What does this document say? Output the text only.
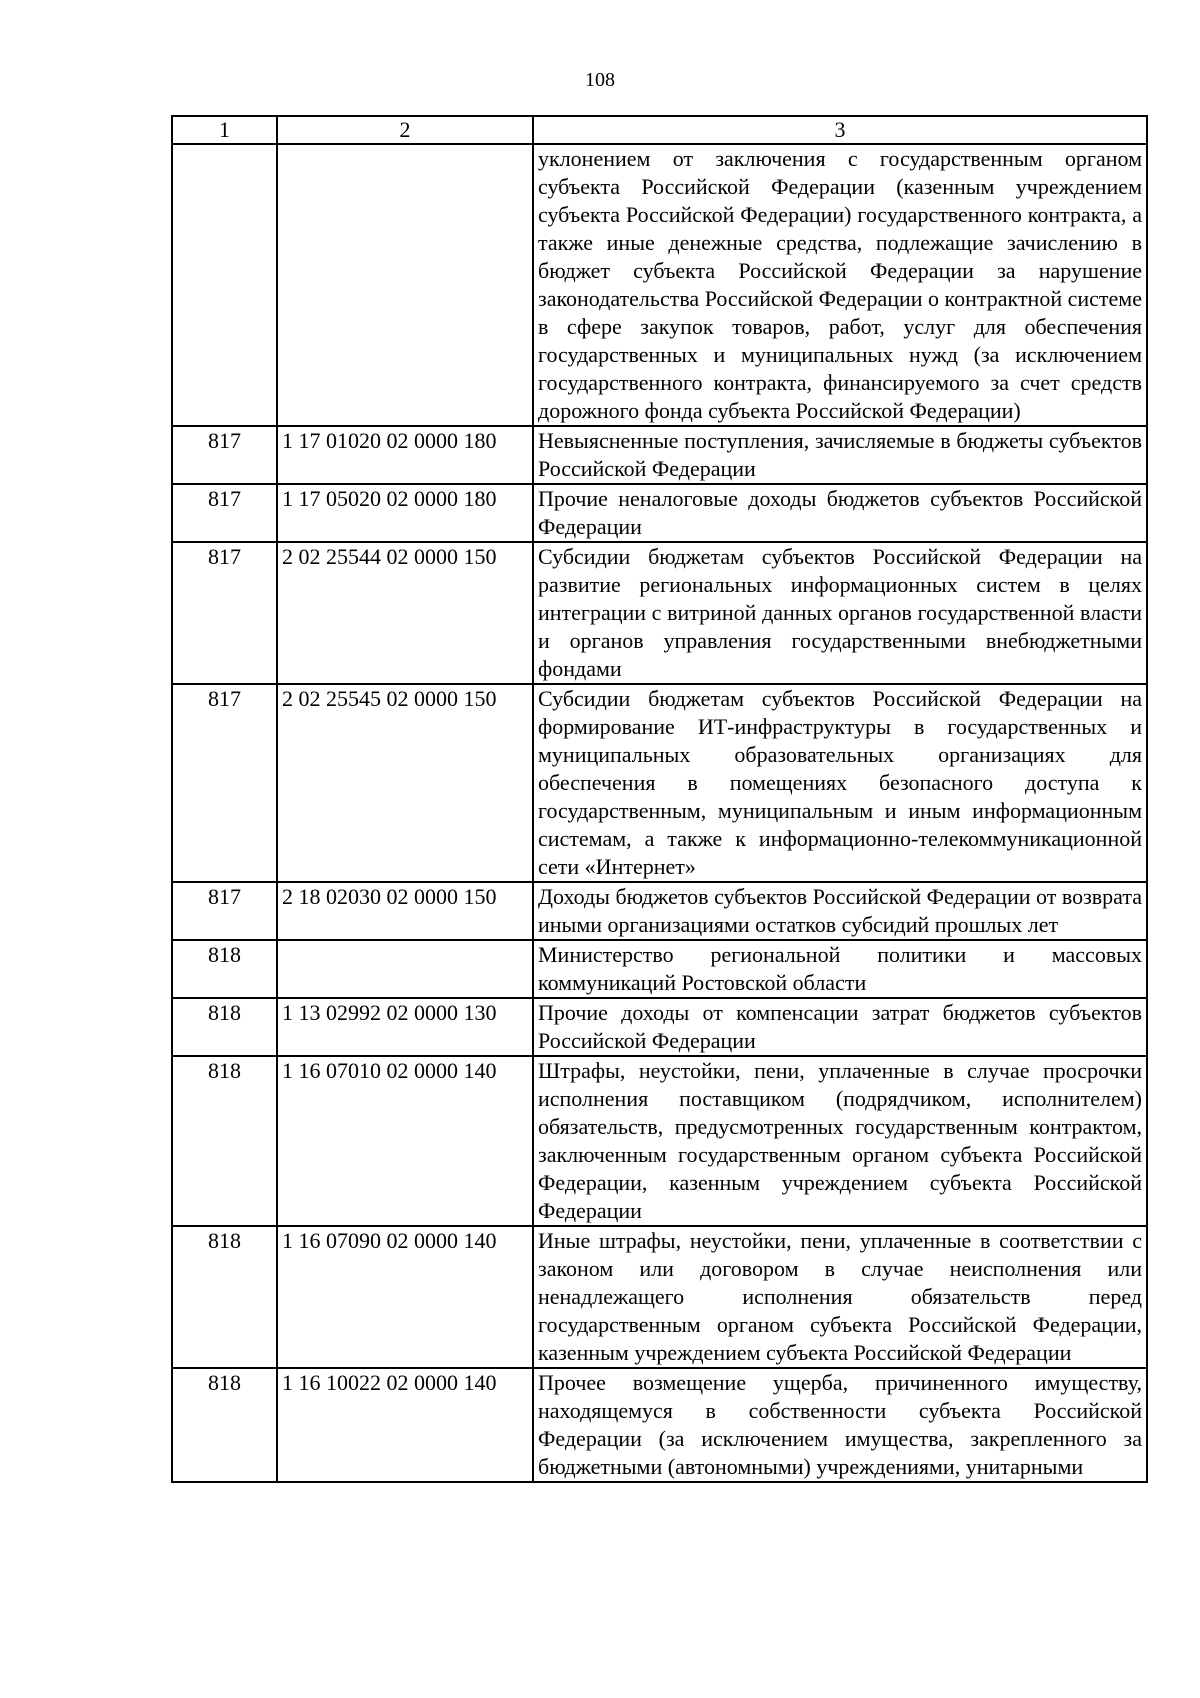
108
1	2	3
		уклонением от заключения с государственным органом субъекта Российской Федерации (казенным учреждением субъекта Российской Федерации) государственного контракта, а также иные денежные средства, подлежащие зачислению в бюджет субъекта Российской Федерации за нарушение законодательства Российской Федерации о контрактной системе в сфере закупок товаров, работ, услуг для обеспечения государственных и муниципальных нужд (за исключением государственного контракта, финансируемого за счет средств дорожного фонда субъекта Российской Федерации)
817	1 17 01020 02 0000 180	Невыясненные поступления, зачисляемые в бюджеты субъектов Российской Федерации
817	1 17 05020 02 0000 180	Прочие неналоговые доходы бюджетов субъектов Российской Федерации
817	2 02 25544 02 0000 150	Субсидии бюджетам субъектов Российской Федерации на развитие региональных информационных систем в целях интеграции с витриной данных органов государственной власти и органов управления государственными внебюджетными фондами
817	2 02 25545 02 0000 150	Субсидии бюджетам субъектов Российской Федерации на формирование ИТ-инфраструктуры в государственных и муниципальных образовательных организациях для обеспечения в помещениях безопасного доступа к государственным, муниципальным и иным информационным системам, а также к информационно-телекоммуникационной сети «Интернет»
817	2 18 02030 02 0000 150	Доходы бюджетов субъектов Российской Федерации от возврата иными организациями остатков субсидий прошлых лет
818		Министерство региональной политики и массовых коммуникаций Ростовской области
818	1 13 02992 02 0000 130	Прочие доходы от компенсации затрат бюджетов субъектов Российской Федерации
818	1 16 07010 02 0000 140	Штрафы, неустойки, пени, уплаченные в случае просрочки исполнения поставщиком (подрядчиком, исполнителем) обязательств, предусмотренных государственным контрактом, заключенным государственным органом субъекта Российской Федерации, казенным учреждением субъекта Российской Федерации
818	1 16 07090 02 0000 140	Иные штрафы, неустойки, пени, уплаченные в соответствии с законом или договором в случае неисполнения или ненадлежащего исполнения обязательств перед государственным органом субъекта Российской Федерации, казенным учреждением субъекта Российской Федерации
818	1 16 10022 02 0000 140	Прочее возмещение ущерба, причиненного имуществу, находящемуся в собственности субъекта Российской Федерации (за исключением имущества, закрепленного за бюджетными (автономными) учреждениями, унитарными
